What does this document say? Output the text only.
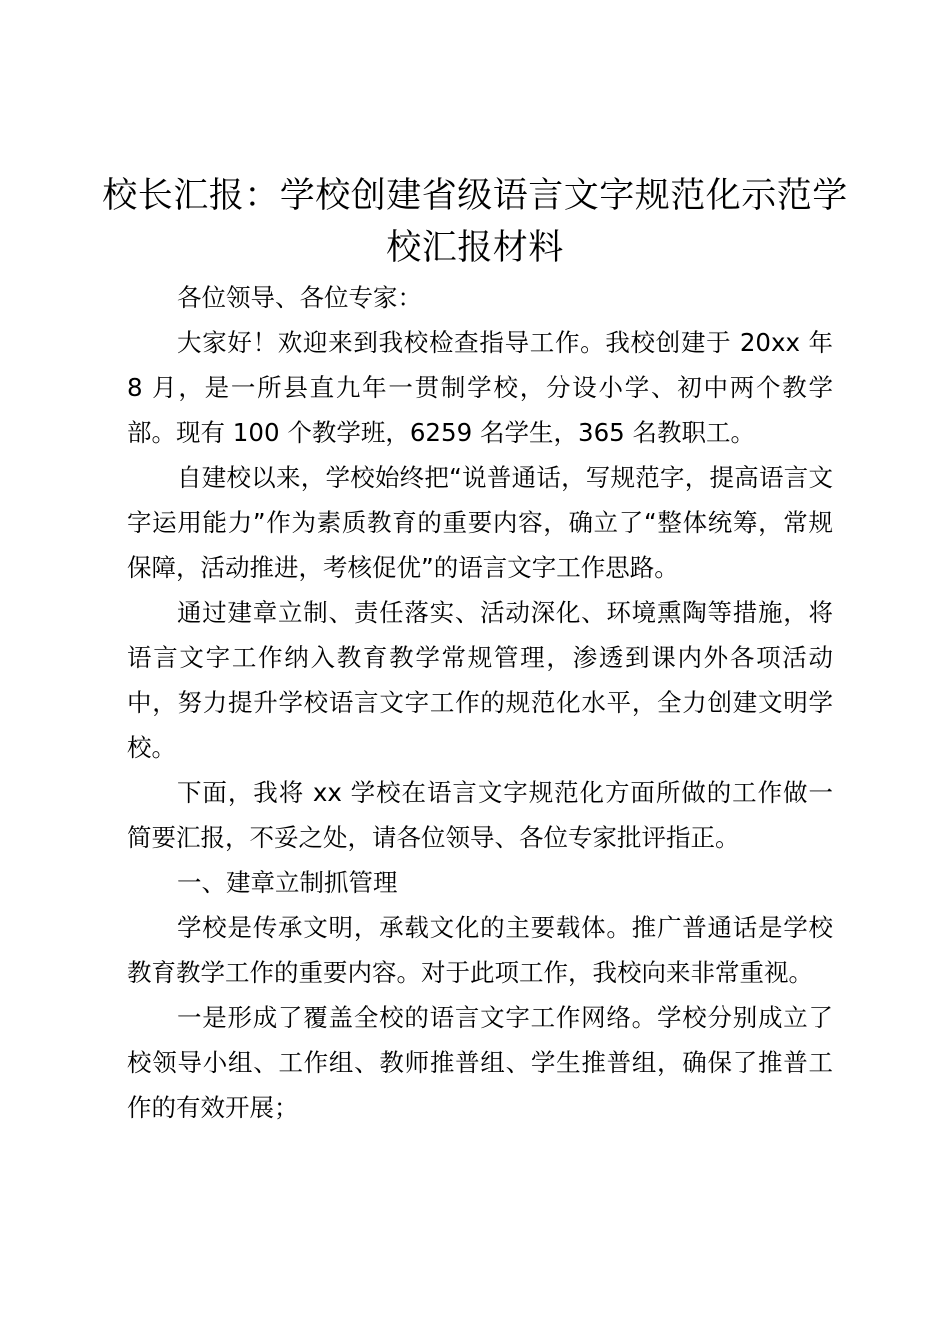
校长汇报：学校创建省级语言文字规范化示范学校汇报材料

各位领导、各位专家：

大家好！欢迎来到我校检查指导工作。我校创建于 20xx 年 8 月，是一所县直九年一贯制学校，分设小学、初中两个教学部。现有 100 个教学班，6259 名学生，365 名教职工。

自建校以来，学校始终把“说普通话，写规范字，提高语言文字运用能力”作为素质教育的重要内容，确立了“整体统筹，常规保障，活动推进，考核促优”的语言文字工作思路。

通过建章立制、责任落实、活动深化、环境熏陶等措施，将语言文字工作纳入教育教学常规管理，渗透到课内外各项活动中，努力提升学校语言文字工作的规范化水平，全力创建文明学校。

下面，我将 xx 学校在语言文字规范化方面所做的工作做一简要汇报，不妥之处，请各位领导、各位专家批评指正。

一、建章立制抓管理

学校是传承文明，承载文化的主要载体。推广普通话是学校教育教学工作的重要内容。对于此项工作，我校向来非常重视。

一是形成了覆盖全校的语言文字工作网络。学校分别成立了校领导小组、工作组、教师推普组、学生推普组，确保了推普工作的有效开展；
